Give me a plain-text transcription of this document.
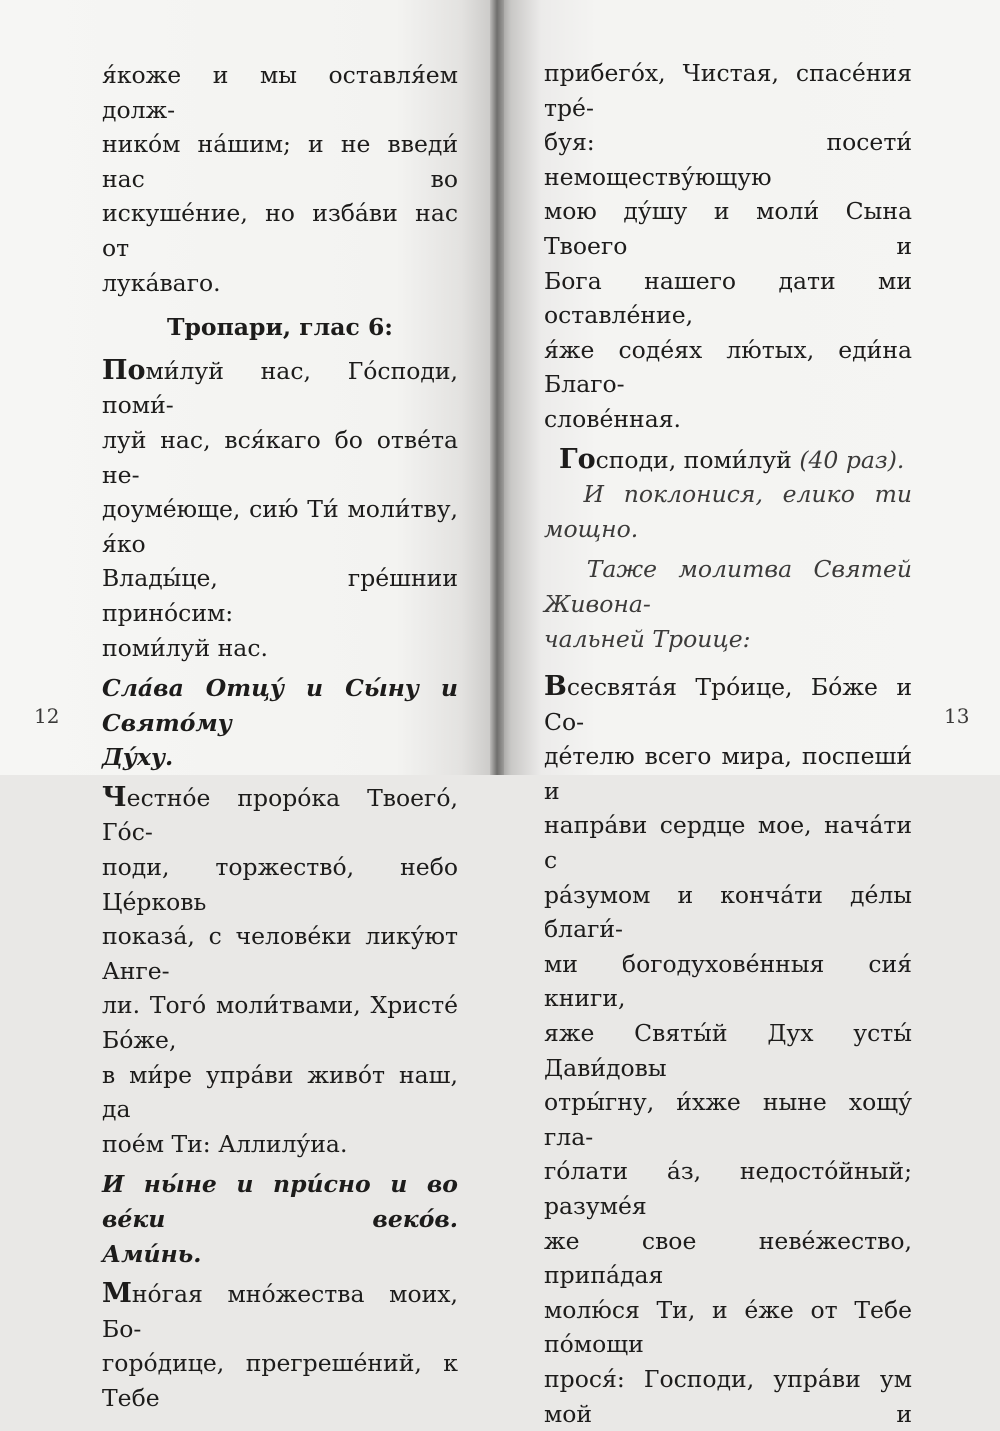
я́коже и мы оставля́ем долж-

нико́м на́шим; и не введи́ нас во

искуше́ние, но изба́ви нас от

лука́ваго.

Тропари, глас 6:

Поми́луй нас, Го́споди, поми́-

луй нас, вся́каго бо отве́та не-

доуме́юще, сию́ Ти́ моли́тву, я́ко

Влады́це, гре́шнии прино́сим:

поми́луй нас.

Сла́ва Отцу́ и Сы́ну и Свято́му

Ду́ху.

Честно́е проро́ка Твоего́, Го́с-

поди, торжество́, небо Це́рковь

показа́, с челове́ки лику́ют Анге-

ли. Того́ моли́твами, Христе́ Бо́же,

в ми́ре упра́ви живо́т наш, да

пое́м Ти: Аллилу́иа.

И ны́не и при́сно и во ве́ки веко́в.

Ами́нь.

Мно́гая мно́жества моих, Бо-

горо́дице, прегреше́ний, к Тебе

12

прибего́х, Чистая, спасе́ния тре́-

буя: посети́ немоществу́ющую

мою ду́шу и моли́ Сына Твоего и

Бога нашего дати ми оставле́ние,

я́же соде́ях лю́тых, еди́на Благо-

слове́нная.

Господи, поми́луй (40 раз).

И поклонися, елико ти мощно.

Таже молитва Святей Живона-

чальней Троице:

Всесвята́я Тро́ице, Бо́же и Со-

де́телю всего мира, поспеши́ и

напра́ви сердце мое, нача́ти с

ра́зумом и конча́ти де́лы благи́-

ми богодухове́нныя сия́ книги,

яже Святы́й Дух усты́ Дави́довы

отры́гну, и́хже ныне хощу́ гла-

го́лати а́з, недосто́йный; разуме́я

же свое неве́жество, припа́дая

молю́ся Ти, и е́же от Тебе по́мощи

прося́: Господи, упра́ви ум мой и

13
